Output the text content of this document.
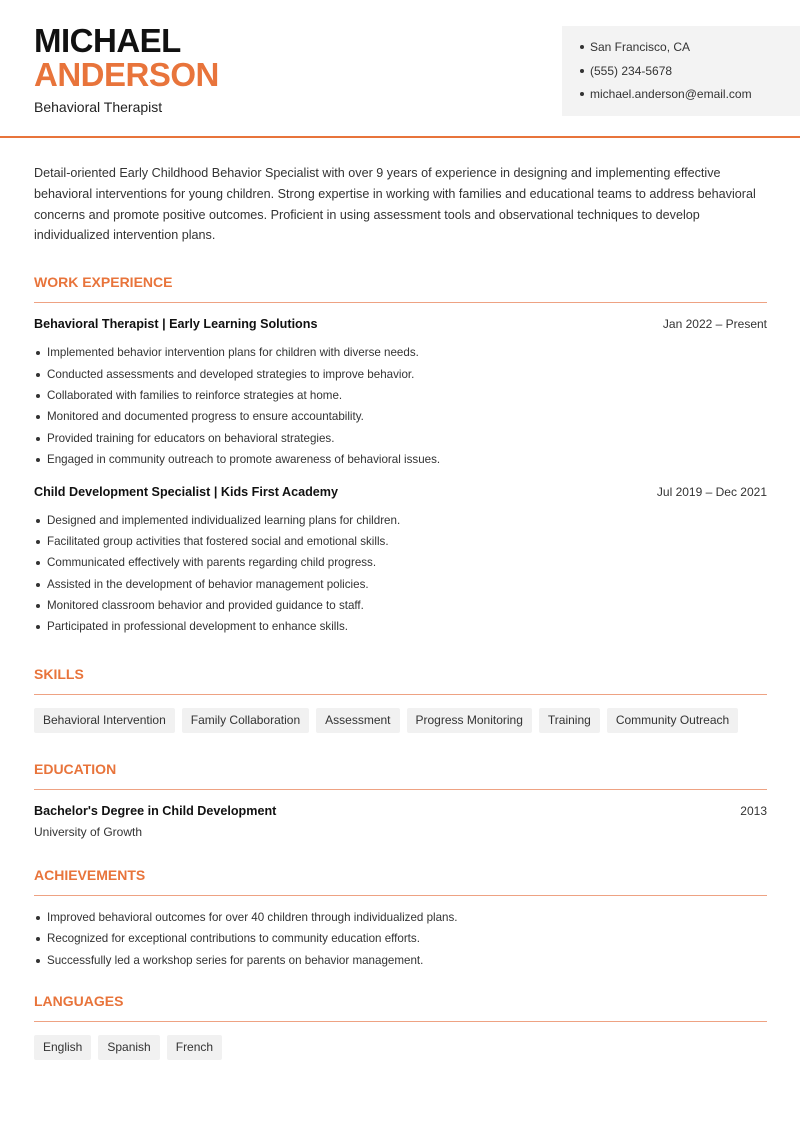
MICHAEL
ANDERSON
Behavioral Therapist
San Francisco, CA
(555) 234-5678
michael.anderson@email.com

Detail-oriented Early Childhood Behavior Specialist with over 9 years of experience in designing and implementing effective behavioral interventions for young children. Strong expertise in working with families and educational teams to address behavioral concerns and promote positive outcomes. Proficient in using assessment tools and observational techniques to develop individualized intervention plans.

WORK EXPERIENCE
Behavioral Therapist | Early Learning Solutions	Jan 2022 – Present
Implemented behavior intervention plans for children with diverse needs.
Conducted assessments and developed strategies to improve behavior.
Collaborated with families to reinforce strategies at home.
Monitored and documented progress to ensure accountability.
Provided training for educators on behavioral strategies.
Engaged in community outreach to promote awareness of behavioral issues.
Child Development Specialist | Kids First Academy	Jul 2019 – Dec 2021
Designed and implemented individualized learning plans for children.
Facilitated group activities that fostered social and emotional skills.
Communicated effectively with parents regarding child progress.
Assisted in the development of behavior management policies.
Monitored classroom behavior and provided guidance to staff.
Participated in professional development to enhance skills.
SKILLS
Behavioral Intervention	Family Collaboration	Assessment	Progress Monitoring	Training	Community Outreach
EDUCATION
Bachelor's Degree in Child Development	2013
University of Growth
ACHIEVEMENTS
Improved behavioral outcomes for over 40 children through individualized plans.
Recognized for exceptional contributions to community education efforts.
Successfully led a workshop series for parents on behavior management.
LANGUAGES
English	Spanish	French
